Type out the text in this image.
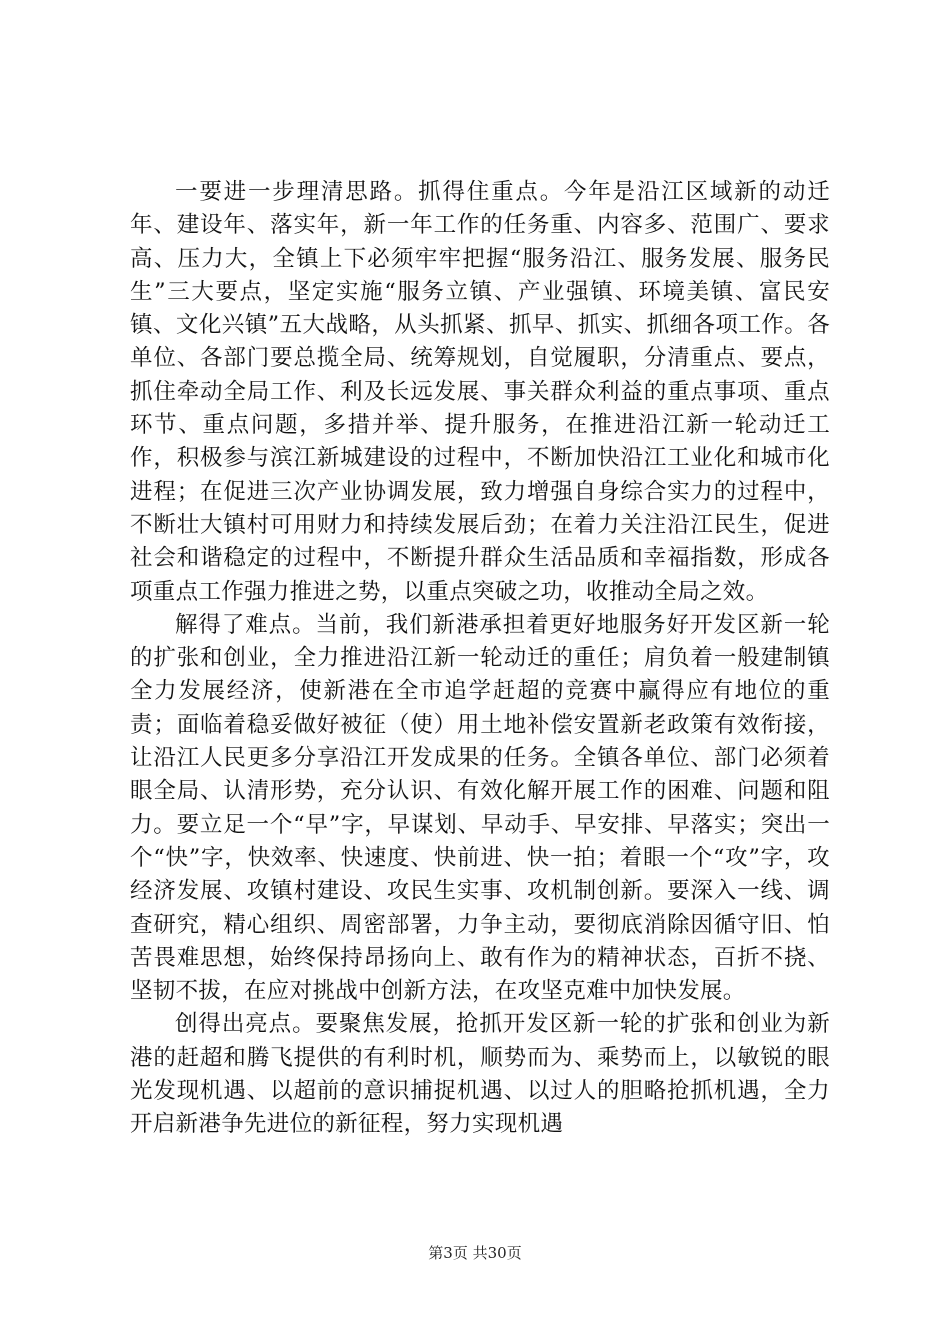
一要进一步理清思路。抓得住重点。今年是沿江区域新的动迁年、建设年、落实年，新一年工作的任务重、内容多、范围广、要求高、压力大，全镇上下必须牢牢把握“服务沿江、服务发展、服务民生”三大要点，坚定实施“服务立镇、产业强镇、环境美镇、富民安镇、文化兴镇”五大战略，从头抓紧、抓早、抓实、抓细各项工作。各单位、各部门要总揽全局、统筹规划，自觉履职，分清重点、要点，抓住牵动全局工作、利及长远发展、事关群众利益的重点事项、重点环节、重点问题，多措并举、提升服务，在推进沿江新一轮动迁工作，积极参与滨江新城建设的过程中，不断加快沿江工业化和城市化进程；在促进三次产业协调发展，致力增强自身综合实力的过程中，不断壮大镇村可用财力和持续发展后劲；在着力关注沿江民生，促进社会和谐稳定的过程中，不断提升群众生活品质和幸福指数，形成各项重点工作强力推进之势，以重点突破之功，收推动全局之效。

解得了难点。当前，我们新港承担着更好地服务好开发区新一轮的扩张和创业，全力推进沿江新一轮动迁的重任；肩负着一般建制镇全力发展经济，使新港在全市追学赶超的竞赛中赢得应有地位的重责；面临着稳妥做好被征（使）用土地补偿安置新老政策有效衔接，让沿江人民更多分享沿江开发成果的任务。全镇各单位、部门必须着眼全局、认清形势，充分认识、有效化解开展工作的困难、问题和阻力。要立足一个“早”字，早谋划、早动手、早安排、早落实；突出一个“快”字，快效率、快速度、快前进、快一拍；着眼一个“攻”字，攻经济发展、攻镇村建设、攻民生实事、攻机制创新。要深入一线、调查研究，精心组织、周密部署，力争主动，要彻底消除因循守旧、怕苦畏难思想，始终保持昂扬向上、敢有作为的精神状态，百折不挠、坚韧不拔，在应对挑战中创新方法，在攻坚克难中加快发展。

创得出亮点。要聚焦发展，抢抓开发区新一轮的扩张和创业为新港的赶超和腾飞提供的有利时机，顺势而为、乘势而上，以敏锐的眼光发现机遇、以超前的意识捕捉机遇、以过人的胆略抢抓机遇，全力开启新港争先进位的新征程，努力实现机遇

第3页 共30页
